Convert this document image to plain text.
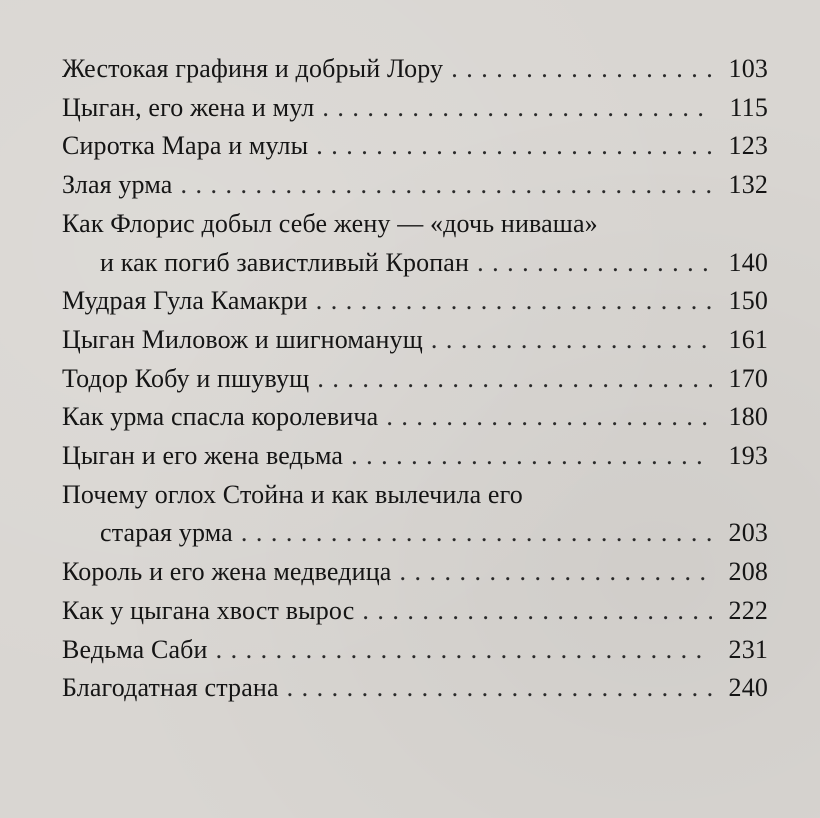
Жестокая графиня и добрый Лору . . .	103
Цыган, его жена и мул . . .	115
Сиротка Мара и мулы . . .	123
Злая урма . . .	132
Как Флорис добыл себе жену — «дочь ниваша»
и как погиб завистливый Кропан . . .	140
Мудрая Гула Камакри . . .	150
Цыган Миловож и шигноманущ . . .	161
Тодор Кобу и пшувущ . . .	170
Как урма спасла королевича . . .	180
Цыган и его жена ведьма . . .	193
Почему оглох Стойна и как вылечила его
старая урма . . .	203
Король и его жена медведица . . .	208
Как у цыгана хвост вырос . . .	222
Ведьма Саби . . .	231
Благодатная страна . . .	240
